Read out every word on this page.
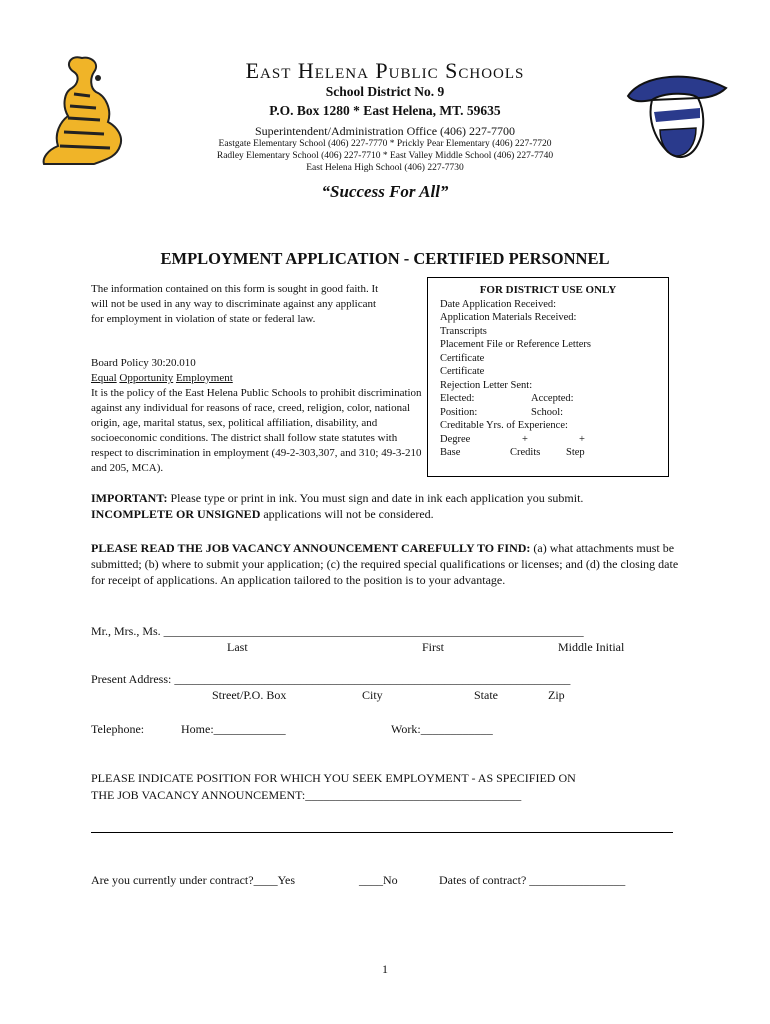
East Helena Public Schools
School District No. 9
P.O. Box 1280 * East Helena, MT. 59635
Superintendent/Administration Office (406) 227-7700
Eastgate Elementary School (406) 227-7770 * Prickly Pear Elementary (406) 227-7720
Radley Elementary School (406) 227-7710 * East Valley Middle School (406) 227-7740
East Helena High School (406) 227-7730
“Success For All”
EMPLOYMENT APPLICATION - CERTIFIED PERSONNEL
The information contained on this form is sought in good faith. It will not be used in any way to discriminate against any applicant for employment in violation of state or federal law.
Board Policy 30:20.010
Equal Opportunity Employment
It is the policy of the East Helena Public Schools to prohibit discrimination against any individual for reasons of race, creed, religion, color, national origin, age, marital status, sex, political affiliation, disability, and socioeconomic conditions. The district shall follow state statutes with respect to discrimination in employment (49-2-303,307, and 310; 49-3-210 and 205, MCA).
FOR DISTRICT USE ONLY
Date Application Received:
Application Materials Received:
Transcripts
Placement File or Reference Letters
Certificate
Certificate
Rejection Letter Sent:
Elected:	Accepted:
Position:	School:
Creditable Yrs. of Experience:
Degree	+	+
Base	Credits Step
IMPORTANT: Please type or print in ink. You must sign and date in ink each application you submit.
INCOMPLETE OR UNSIGNED applications will not be considered.
PLEASE READ THE JOB VACANCY ANNOUNCEMENT CAREFULLY TO FIND: (a) what attachments must be submitted; (b) where to submit your application; (c) the required special qualifications or licenses; and (d) the closing date for receipt of applications. An application tailored to the position is to your advantage.
Mr., Mrs., Ms. ______________________________________________________________________
Last	First	Middle Initial
Present Address: __________________________________________________________________
Street/P.O. Box	City	State	Zip
Telephone:	Home:____________	Work:____________
PLEASE INDICATE POSITION FOR WHICH YOU SEEK EMPLOYMENT - AS SPECIFIED ON
THE JOB VACANCY ANNOUNCEMENT:____________________________________
Are you currently under contract?____Yes	____No	Dates of contract? ________________
1
